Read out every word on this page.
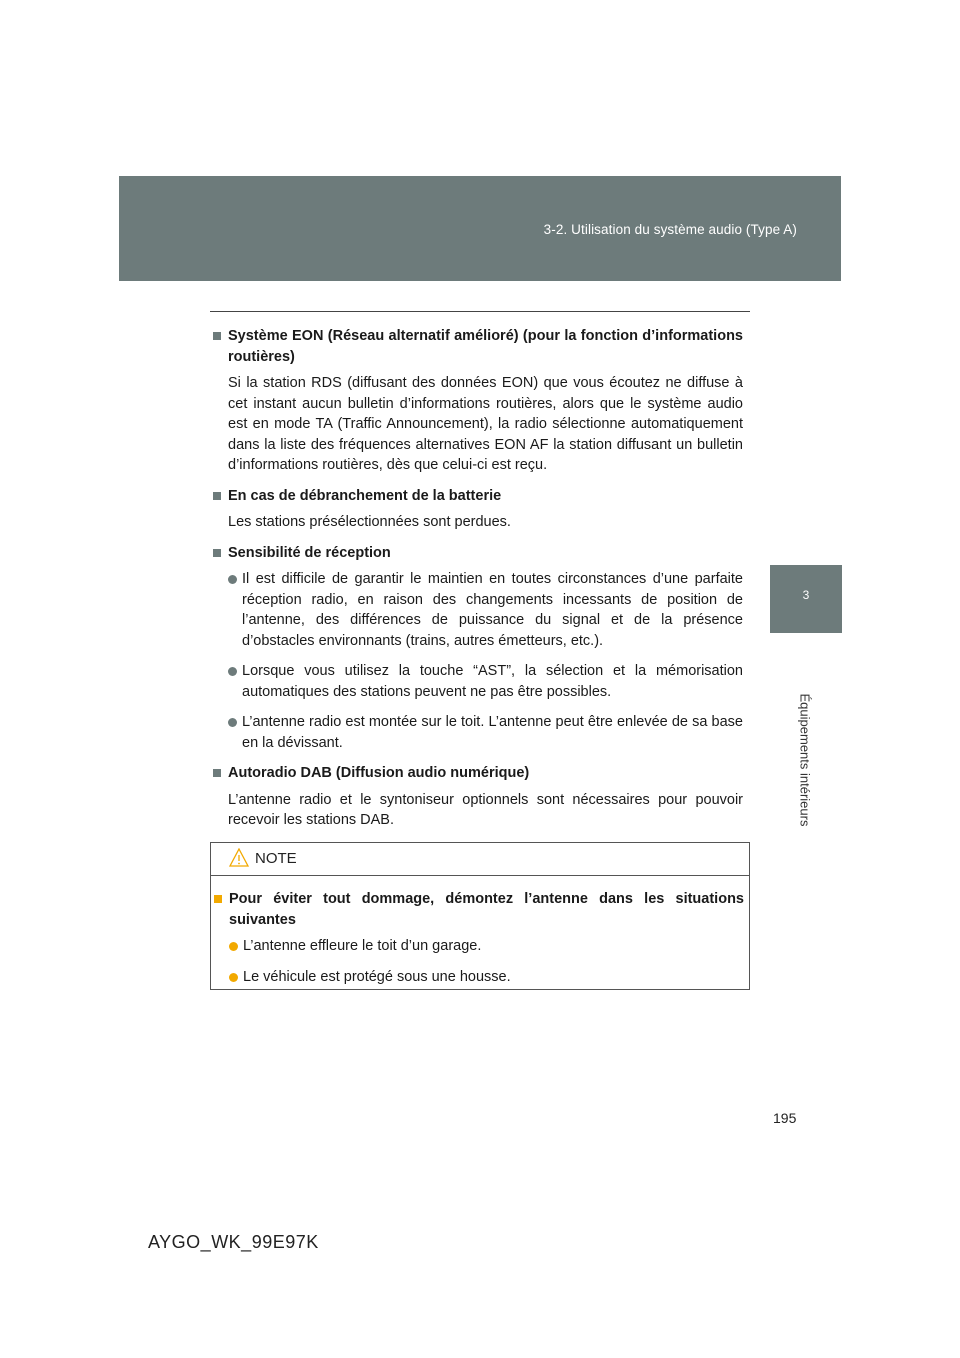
3-2. Utilisation du système audio (Type A)
3
Équipements intérieurs

Système EON (Réseau alternatif amélioré) (pour la fonction d’informations routières)

Si la station RDS (diffusant des données EON) que vous écoutez ne diffuse à cet instant aucun bulletin d’informations routières, alors que le système audio est en mode TA (Traffic Announcement), la radio sélectionne automatiquement dans la liste des fréquences alternatives EON AF la station diffusant un bulletin d’informations routières, dès que celui-ci est reçu.

En cas de débranchement de la batterie

Les stations présélectionnées sont perdues.

Sensibilité de réception

Il est difficile de garantir le maintien en toutes circonstances d’une parfaite réception radio, en raison des changements incessants de position de l’antenne, des différences de puissance du signal et de la présence d’obstacles environnants (trains, autres émetteurs, etc.).
Lorsque vous utilisez la touche “AST”, la sélection et la mémorisation automatiques des stations peuvent ne pas être possibles.
L’antenne radio est montée sur le toit. L’antenne peut être enlevée de sa base en la dévissant.

Autoradio DAB (Diffusion audio numérique)

L’antenne radio et le syntoniseur optionnels sont nécessaires pour pouvoir recevoir les stations DAB.

NOTE

Pour éviter tout dommage, démontez l’antenne dans les situations suivantes

L’antenne effleure le toit d’un garage.
Le véhicule est protégé sous une housse.
195
AYGO_WK_99E97K
